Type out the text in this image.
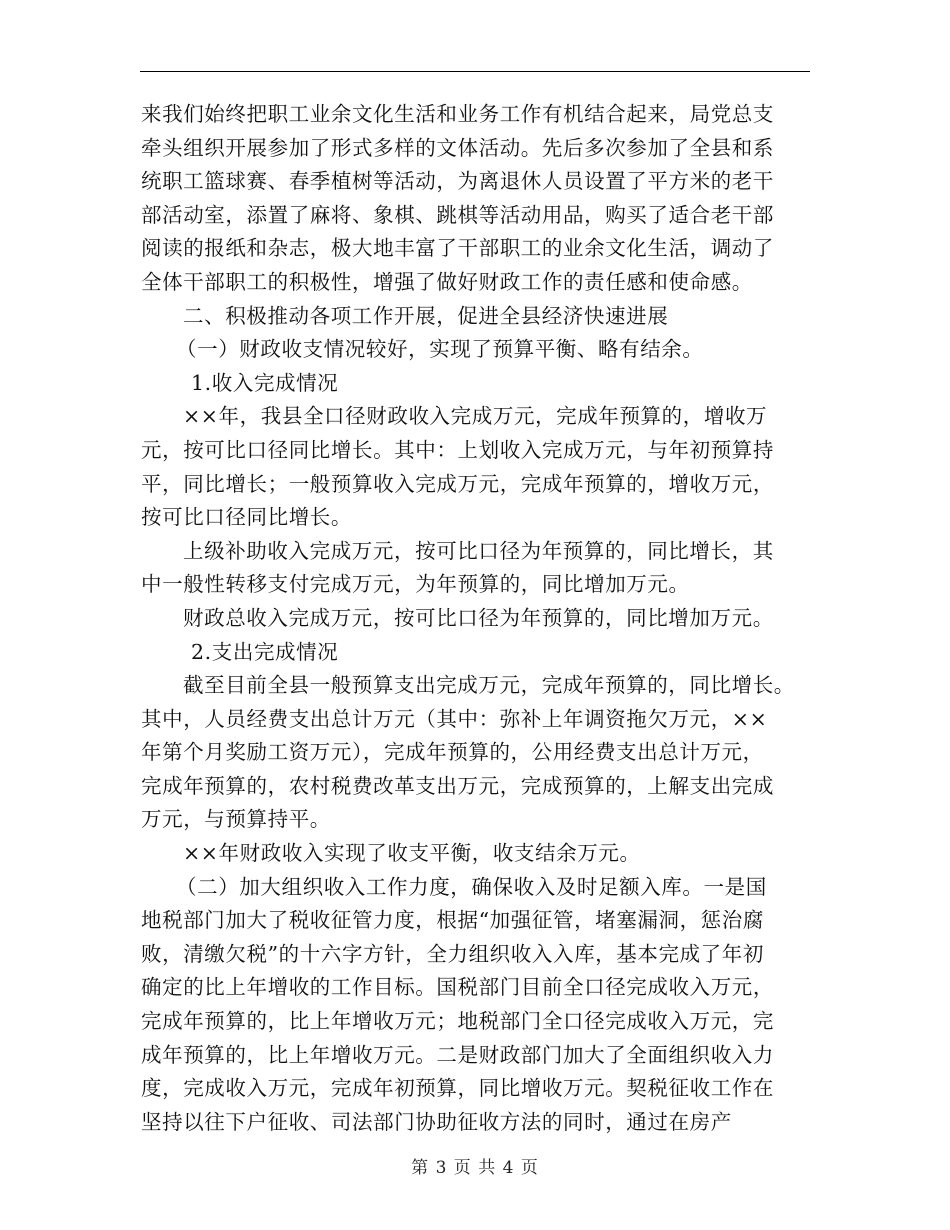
来我们始终把职工业余文化生活和业务工作有机结合起来，局党总支
牵头组织开展参加了形式多样的文体活动。先后多次参加了全县和系
统职工篮球赛、春季植树等活动，为离退休人员设置了平方米的老干
部活动室，添置了麻将、象棋、跳棋等活动用品，购买了适合老干部
阅读的报纸和杂志，极大地丰富了干部职工的业余文化生活，调动了
全体干部职工的积极性，增强了做好财政工作的责任感和使命感。
二、积极推动各项工作开展，促进全县经济快速进展
（一）财政收支情况较好，实现了预算平衡、略有结余。
1.收入完成情况
××年，我县全口径财政收入完成万元，完成年预算的，增收万
元，按可比口径同比增长。其中：上划收入完成万元，与年初预算持
平，同比增长；一般预算收入完成万元，完成年预算的，增收万元，
按可比口径同比增长。
上级补助收入完成万元，按可比口径为年预算的，同比增长，其
中一般性转移支付完成万元，为年预算的，同比增加万元。
财政总收入完成万元，按可比口径为年预算的，同比增加万元。
2.支出完成情况
截至目前全县一般预算支出完成万元，完成年预算的，同比增长。
其中，人员经费支出总计万元（其中：弥补上年调资拖欠万元，××
年第个月奖励工资万元），完成年预算的，公用经费支出总计万元，
完成年预算的，农村税费改革支出万元，完成预算的，上解支出完成
万元，与预算持平。
××年财政收入实现了收支平衡，收支结余万元。
（二）加大组织收入工作力度，确保收入及时足额入库。一是国
地税部门加大了税收征管力度，根据“加强征管，堵塞漏洞，惩治腐
败，清缴欠税”的十六字方针，全力组织收入入库，基本完成了年初
确定的比上年增收的工作目标。国税部门目前全口径完成收入万元，
完成年预算的，比上年增收万元；地税部门全口径完成收入万元，完
成年预算的，比上年增收万元。二是财政部门加大了全面组织收入力
度，完成收入万元，完成年初预算，同比增收万元。契税征收工作在
坚持以往下户征收、司法部门协助征收方法的同时，通过在房产
第 3 页 共 4 页
